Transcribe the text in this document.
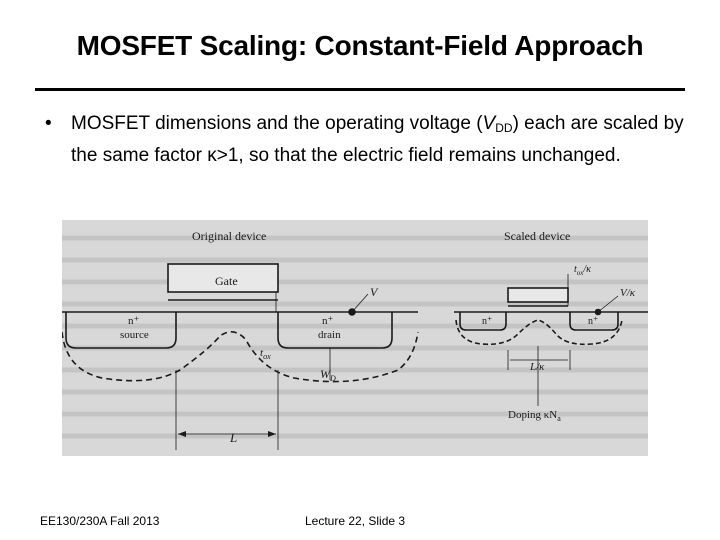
MOSFET Scaling: Constant-Field Approach
•	MOSFET dimensions and the operating voltage $(V_{DD})$ each are scaled by the same factor κ>1, so that the electric field remains unchanged.
Original device
Gate
n⁺
source
n⁺
drain
V
$t_{ox}$
$W_D$
L
Scaled device
n⁺	n⁺
$t_{ox}/\kappa$
V/κ
L/κ
Doping $\kappa N_a$
EE130/230A Fall 2013	Lecture 22, Slide 3
